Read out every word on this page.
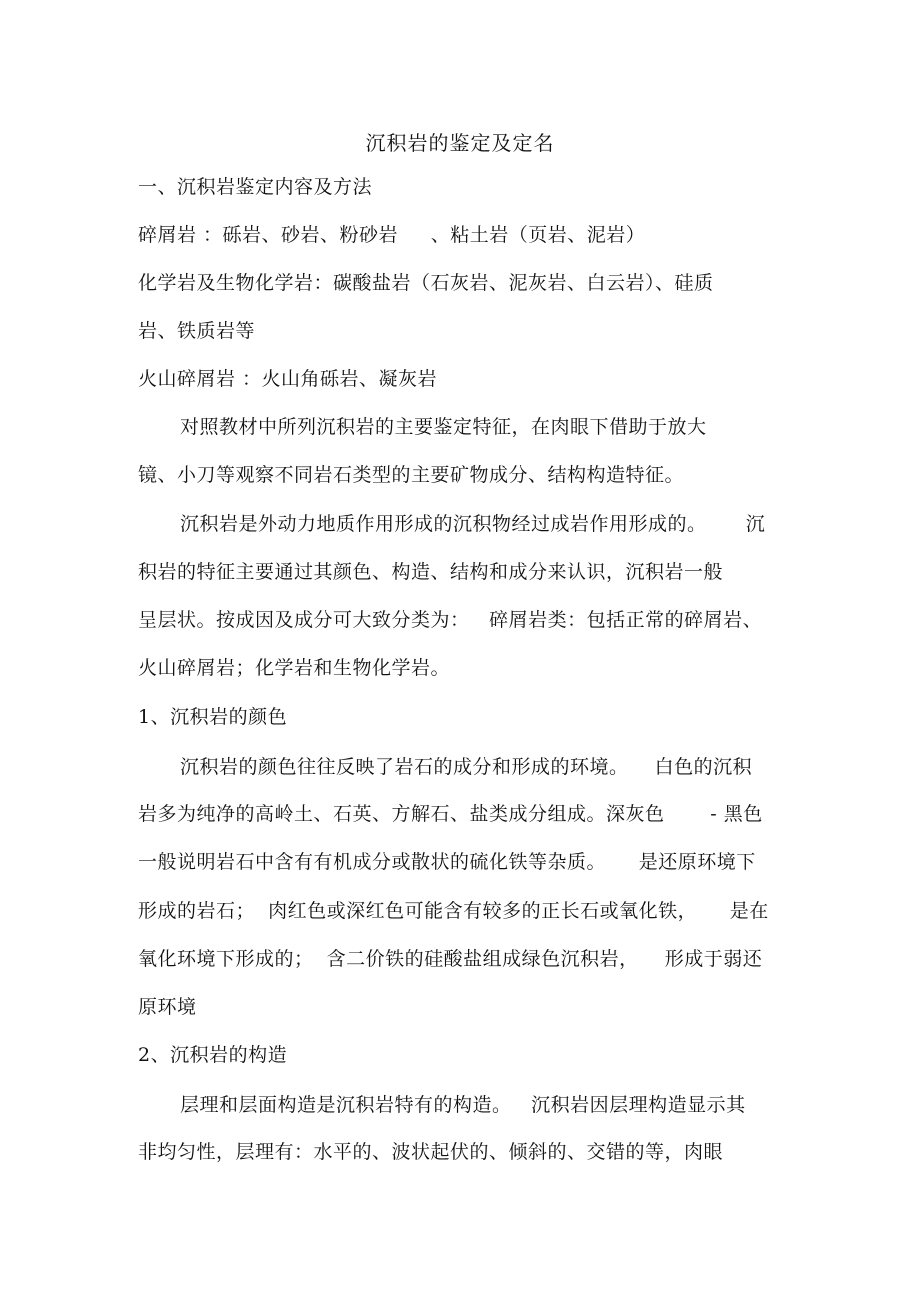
沉积岩的鉴定及定名
一、沉积岩鉴定内容及方法
碎屑岩 ：砾岩、砂岩、粉砂岩     、粘土岩（页岩、泥岩）
化学岩及生物化学岩：碳酸盐岩（石灰岩、泥灰岩、白云岩）、硅质
岩、铁质岩等
火山碎屑岩 ：火山角砾岩、凝灰岩
对照教材中所列沉积岩的主要鉴定特征，在肉眼下借助于放大
镜、小刀等观察不同岩石类型的主要矿物成分、结构构造特征。
沉积岩是外动力地质作用形成的沉积物经过成岩作用形成的。      沉
积岩的特征主要通过其颜色、构造、结构和成分来认识，沉积岩一般
呈层状。按成因及成分可大致分类为：   碎屑岩类：包括正常的碎屑岩、
火山碎屑岩；化学岩和生物化学岩。
1、沉积岩的颜色
沉积岩的颜色往往反映了岩石的成分和形成的环境。    白色的沉积
岩多为纯净的高岭土、石英、方解石、盐类成分组成。深灰色       - 黑色
一般说明岩石中含有有机成分或散状的硫化铁等杂质。     是还原环境下
形成的岩石；  肉红色或深红色可能含有较多的正长石或氧化铁，     是在
氧化环境下形成的；  含二价铁的硅酸盐组成绿色沉积岩，    形成于弱还
原环境
2、沉积岩的构造
层理和层面构造是沉积岩特有的构造。   沉积岩因层理构造显示其
非均匀性，层理有：水平的、波状起伏的、倾斜的、交错的等，肉眼
